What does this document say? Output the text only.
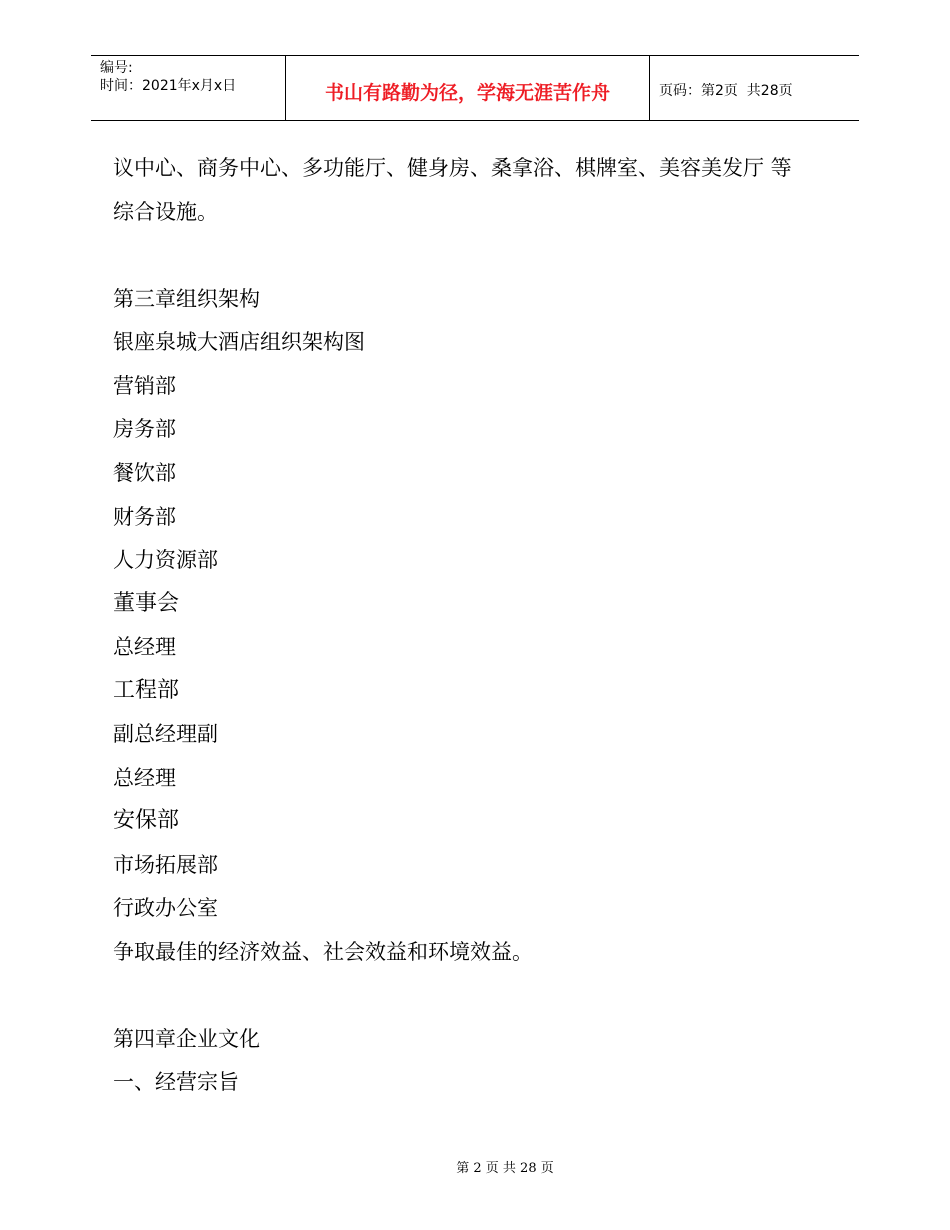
编号:
时间：2021年x月x日	书山有路勤为径，学海无涯苦作舟	页码：第2页  共28页
议中心、商务中心、多功能厅、健身房、桑拿浴、棋牌室、美容美发厅 等
综合设施。
第三章组织架构
银座泉城大酒店组织架构图
营销部
房务部
餐饮部
财务部
人力资源部
董事会
总经理
工程部
副总经理副
总经理
安保部
市场拓展部
行政办公室
争取最佳的经济效益、社会效益和环境效益。
第四章企业文化
一、经营宗旨
第 2 页 共 28 页
